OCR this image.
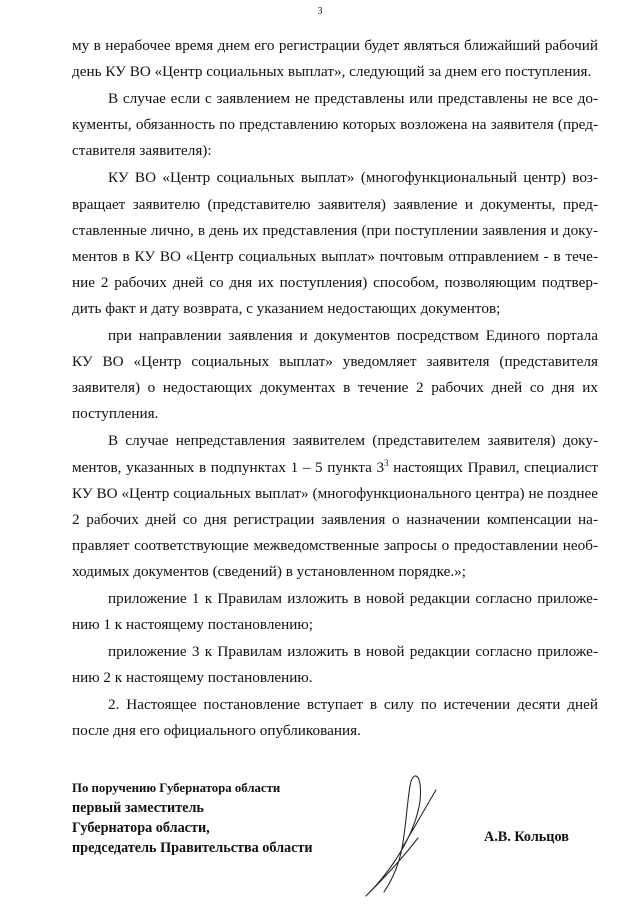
3

му в нерабочее время днем его регистрации будет являться ближайший рабочий день КУ ВО «Центр социальных выплат», следующий за днем его поступления.

В случае если с заявлением не представлены или представлены не все документы, обязанность по представлению которых возложена на заявителя (представителя заявителя):

КУ ВО «Центр социальных выплат» (многофункциональный центр) возвращает заявителю (представителю заявителя) заявление и документы, представленные лично, в день их представления (при поступлении заявления и документов в КУ ВО «Центр социальных выплат» почтовым отправлением - в течение 2 рабочих дней со дня их поступления) способом, позволяющим подтвердить факт и дату возврата, с указанием недостающих документов;

при направлении заявления и документов посредством Единого портала КУ ВО «Центр социальных выплат» уведомляет заявителя (представителя заявителя) о недостающих документах в течение 2 рабочих дней со дня их поступления.

В случае непредставления заявителем (представителем заявителя) документов, указанных в подпунктах 1 – 5 пункта $3^3$ настоящих Правил, специалист КУ ВО «Центр социальных выплат» (многофункционального центра) не позднее 2 рабочих дней со дня регистрации заявления о назначении компенсации направляет соответствующие межведомственные запросы о предоставлении необходимых документов (сведений) в установленном порядке.»;

приложение 1 к Правилам изложить в новой редакции согласно приложению 1 к настоящему постановлению;

приложение 3 к Правилам изложить в новой редакции согласно приложению 2 к настоящему постановлению.

2. Настоящее постановление вступает в силу по истечении десяти дней после дня его официального опубликования.

По поручению Губернатора области
первый заместитель
Губернатора области,
председатель Правительства области
А.В. Кольцов
